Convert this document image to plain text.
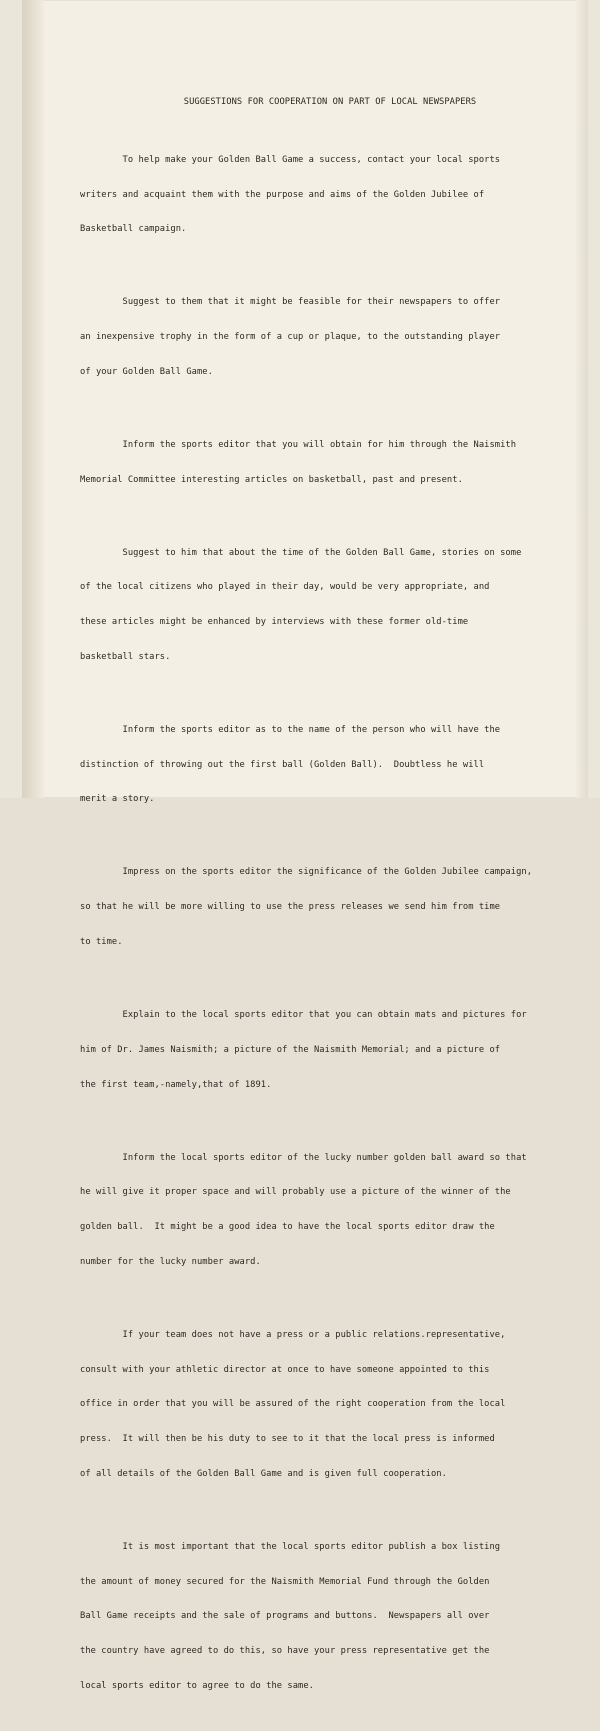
SUGGESTIONS FOR COOPERATION ON PART OF LOCAL NEWSPAPERS

To help make your Golden Ball Game a success, contact your local sports

writers and acquaint them with the purpose and aims of the Golden Jubilee of

Basketball campaign.

Suggest to them that it might be feasible for their newspapers to offer

an inexpensive trophy in the form of a cup or plaque, to the outstanding player

of your Golden Ball Game.

Inform the sports editor that you will obtain for him through the Naismith

Memorial Committee interesting articles on basketball, past and present.

Suggest to him that about the time of the Golden Ball Game, stories on some

of the local citizens who played in their day, would be very appropriate, and

these articles might be enhanced by interviews with these former old-time

basketball stars.

Inform the sports editor as to the name of the person who will have the

distinction of throwing out the first ball (Golden Ball).  Doubtless he will

merit a story.

Impress on the sports editor the significance of the Golden Jubilee campaign,

so that he will be more willing to use the press releases we send him from time

to time.

Explain to the local sports editor that you can obtain mats and pictures for

him of Dr. James Naismith; a picture of the Naismith Memorial; and a picture of

the first team,-namely,that of 1891.

Inform the local sports editor of the lucky number golden ball award so that

he will give it proper space and will probably use a picture of the winner of the

golden ball.  It might be a good idea to have the local sports editor draw the

number for the lucky number award.

If your team does not have a press or a public relations.representative,

consult with your athletic director at once to have someone appointed to this

office in order that you will be assured of the right cooperation from the local

press.  It will then be his duty to see to it that the local press is informed

of all details of the Golden Ball Game and is given full cooperation.

It is most important that the local sports editor publish a box listing

the amount of money secured for the Naismith Memorial Fund through the Golden

Ball Game receipts and the sale of programs and buttons.  Newspapers all over

the country have agreed to do this, so have your press representative get the

local sports editor to agree to do the same.
